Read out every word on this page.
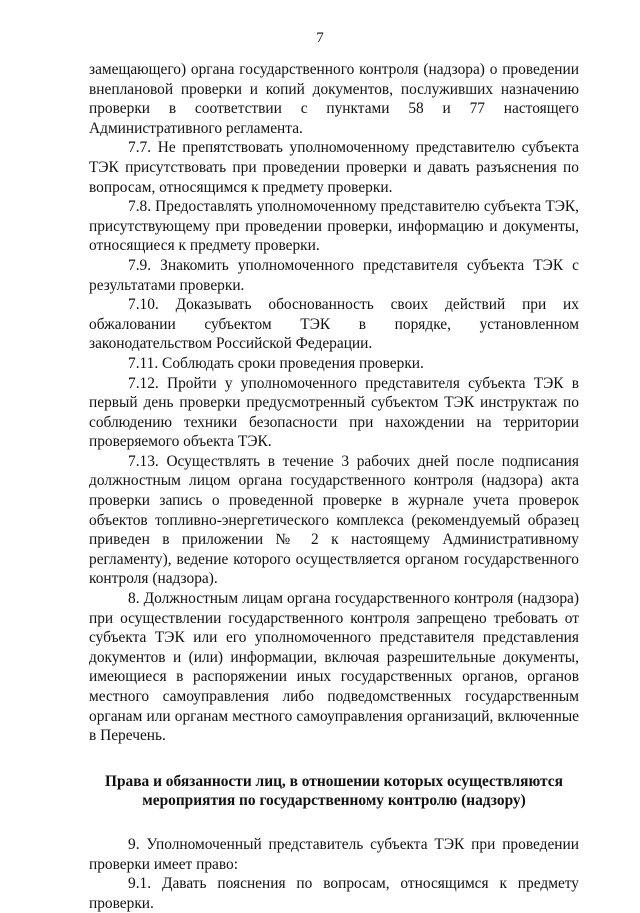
7

замещающего) органа государственного контроля (надзора) о проведении внеплановой проверки и копий документов, послуживших назначению проверки в соответствии с пунктами 58 и 77 настоящего Административного регламента.

7.7. Не препятствовать уполномоченному представителю субъекта ТЭК присутствовать при проведении проверки и давать разъяснения по вопросам, относящимся к предмету проверки.

7.8. Предоставлять уполномоченному представителю субъекта ТЭК, присутствующему при проведении проверки, информацию и документы, относящиеся к предмету проверки.

7.9. Знакомить уполномоченного представителя субъекта ТЭК с результатами проверки.

7.10. Доказывать обоснованность своих действий при их обжаловании субъектом ТЭК в порядке, установленном законодательством Российской Федерации.

7.11. Соблюдать сроки проведения проверки.

7.12. Пройти у уполномоченного представителя субъекта ТЭК в первый день проверки предусмотренный субъектом ТЭК инструктаж по соблюдению техники безопасности при нахождении на территории проверяемого объекта ТЭК.

7.13. Осуществлять в течение 3 рабочих дней после подписания должностным лицом органа государственного контроля (надзора) акта проверки запись о проведенной проверке в журнале учета проверок объектов топливно-энергетического комплекса (рекомендуемый образец приведен в приложении № 2 к настоящему Административному регламенту), ведение которого осуществляется органом государственного контроля (надзора).

8. Должностным лицам органа государственного контроля (надзора) при осуществлении государственного контроля запрещено требовать от субъекта ТЭК или его уполномоченного представителя представления документов и (или) информации, включая разрешительные документы, имеющиеся в распоряжении иных государственных органов, органов местного самоуправления либо подведомственных государственным органам или органам местного самоуправления организаций, включенные в Перечень.

Права и обязанности лиц, в отношении которых осуществляются мероприятия по государственному контролю (надзору)

9. Уполномоченный представитель субъекта ТЭК при проведении проверки имеет право:

9.1. Давать пояснения по вопросам, относящимся к предмету проверки.
